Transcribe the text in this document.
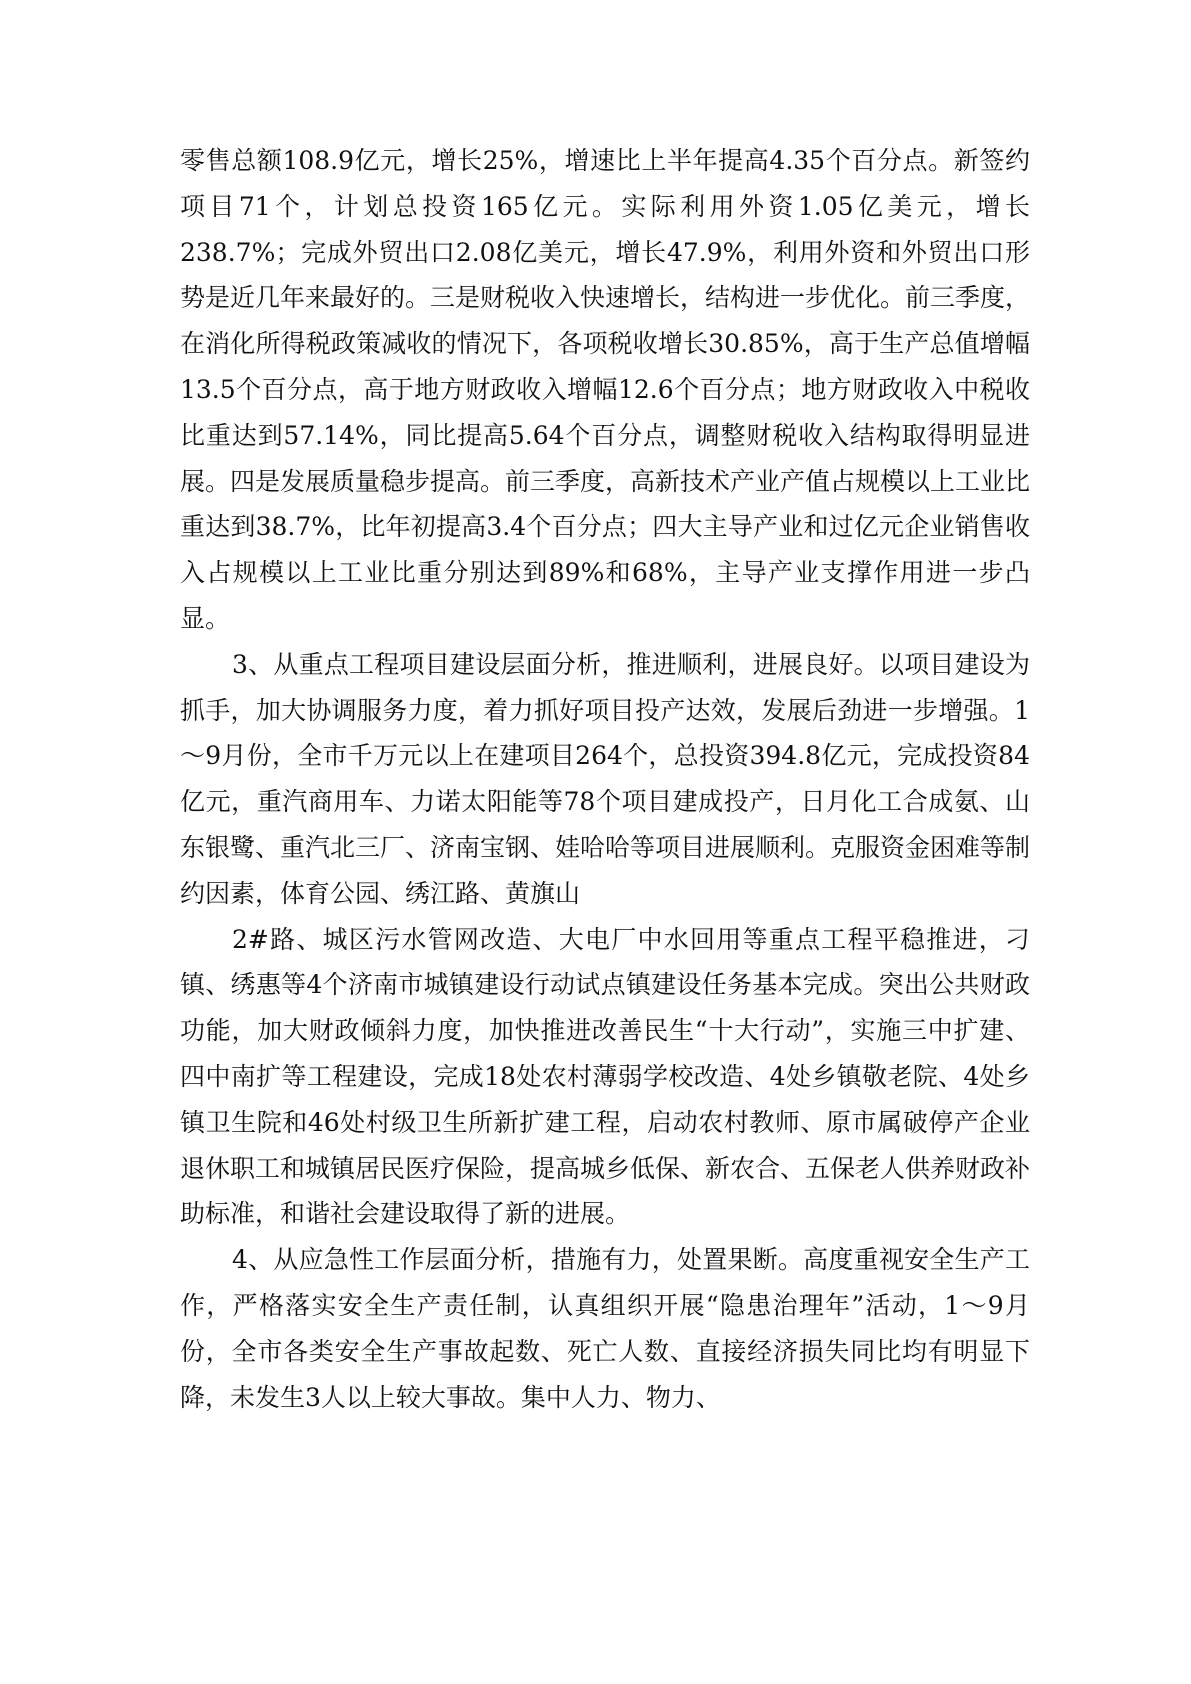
零售总额108.9亿元，增长25%，增速比上半年提高4.35个百分点。新签约项目71个，计划总投资165亿元。实际利用外资1.05亿美元，增长238.7%；完成外贸出口2.08亿美元，增长47.9%，利用外资和外贸出口形势是近几年来最好的。三是财税收入快速增长，结构进一步优化。前三季度，在消化所得税政策减收的情况下，各项税收增长30.85%，高于生产总值增幅13.5个百分点，高于地方财政收入增幅12.6个百分点；地方财政收入中税收比重达到57.14%，同比提高5.64个百分点，调整财税收入结构取得明显进展。四是发展质量稳步提高。前三季度，高新技术产业产值占规模以上工业比重达到38.7%，比年初提高3.4个百分点；四大主导产业和过亿元企业销售收入占规模以上工业比重分别达到89%和68%，主导产业支撑作用进一步凸显。

3、从重点工程项目建设层面分析，推进顺利，进展良好。以项目建设为抓手，加大协调服务力度，着力抓好项目投产达效，发展后劲进一步增强。1～9月份，全市千万元以上在建项目264个，总投资394.8亿元，完成投资84亿元，重汽商用车、力诺太阳能等78个项目建成投产，日月化工合成氨、山东银鹭、重汽北三厂、济南宝钢、娃哈哈等项目进展顺利。克服资金困难等制约因素，体育公园、绣江路、黄旗山

2#路、城区污水管网改造、大电厂中水回用等重点工程平稳推进，刁镇、绣惠等4个济南市城镇建设行动试点镇建设任务基本完成。突出公共财政功能，加大财政倾斜力度，加快推进改善民生“十大行动”，实施三中扩建、四中南扩等工程建设，完成18处农村薄弱学校改造、4处乡镇敬老院、4处乡镇卫生院和46处村级卫生所新扩建工程，启动农村教师、原市属破停产企业退休职工和城镇居民医疗保险，提高城乡低保、新农合、五保老人供养财政补助标准，和谐社会建设取得了新的进展。

4、从应急性工作层面分析，措施有力，处置果断。高度重视安全生产工作，严格落实安全生产责任制，认真组织开展“隐患治理年”活动，1～9月份，全市各类安全生产事故起数、死亡人数、直接经济损失同比均有明显下降，未发生3人以上较大事故。集中人力、物力、
